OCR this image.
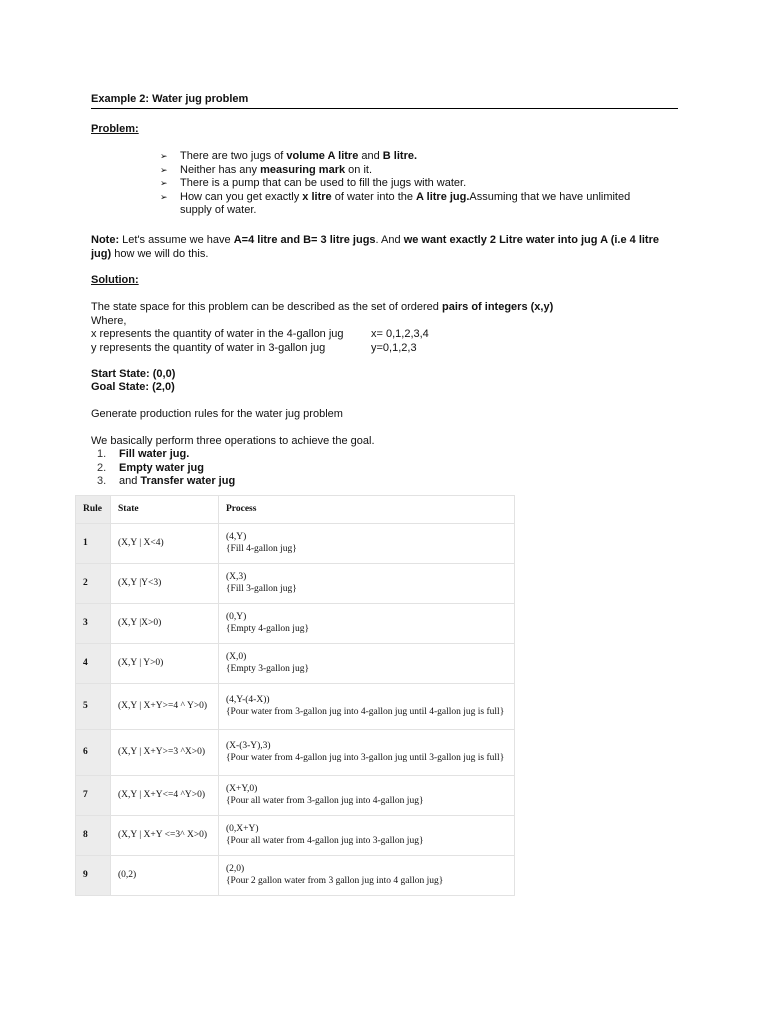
Example 2: Water jug problem
Problem:
➢ There are two jugs of volume A litre and B litre.
➢ Neither has any measuring mark on it.
➢ There is a pump that can be used to fill the jugs with water.
➢ How can you get exactly x litre of water into the A litre jug.Assuming that we have unlimited supply of water.
Note: Let's assume we have A=4 litre and B= 3 litre jugs. And we want exactly 2 Litre water into jug A (i.e 4 litre jug) how we will do this.
Solution:
The state space for this problem can be described as the set of ordered pairs of integers (x,y)
Where,
x represents the quantity of water in the 4-gallon jug x= 0,1,2,3,4
y represents the quantity of water in 3-gallon jug	y=0,1,2,3
Start State: (0,0)
Goal State: (2,0)
Generate production rules for the water jug problem
We basically perform three operations to achieve the goal.
1. Fill water jug.
2. Empty water jug
3. and Transfer water jug
Rule	State	Process
1	(X,Y | X<4)	(4,Y)
{Fill 4-gallon jug}

2	(X,Y |Y<3)	(X,3)
{Fill 3-gallon jug}

3	(X,Y |X>0)	(0,Y)
{Empty 4-gallon jug}

4	(X,Y | Y>0)	(X,0)
{Empty 3-gallon jug}

5	(X,Y | X+Y>=4 ^ Y>0)	(4,Y-(4-X))
{Pour water from 3-gallon jug into 4-gallon jug until 4-gallon jug is full}

6	(X,Y | X+Y>=3 ^X>0)	(X-(3-Y),3)
{Pour water from 4-gallon jug into 3-gallon jug until 3-gallon jug is full}

7	(X,Y | X+Y<=4 ^Y>0)	(X+Y,0)
{Pour all water from 3-gallon jug into 4-gallon jug}

8	(X,Y | X+Y <=3^ X>0)	(0,X+Y)
{Pour all water from 4-gallon jug into 3-gallon jug}

9	(0,2)	(2,0)
{Pour 2 gallon water from 3 gallon jug into 4 gallon jug}
